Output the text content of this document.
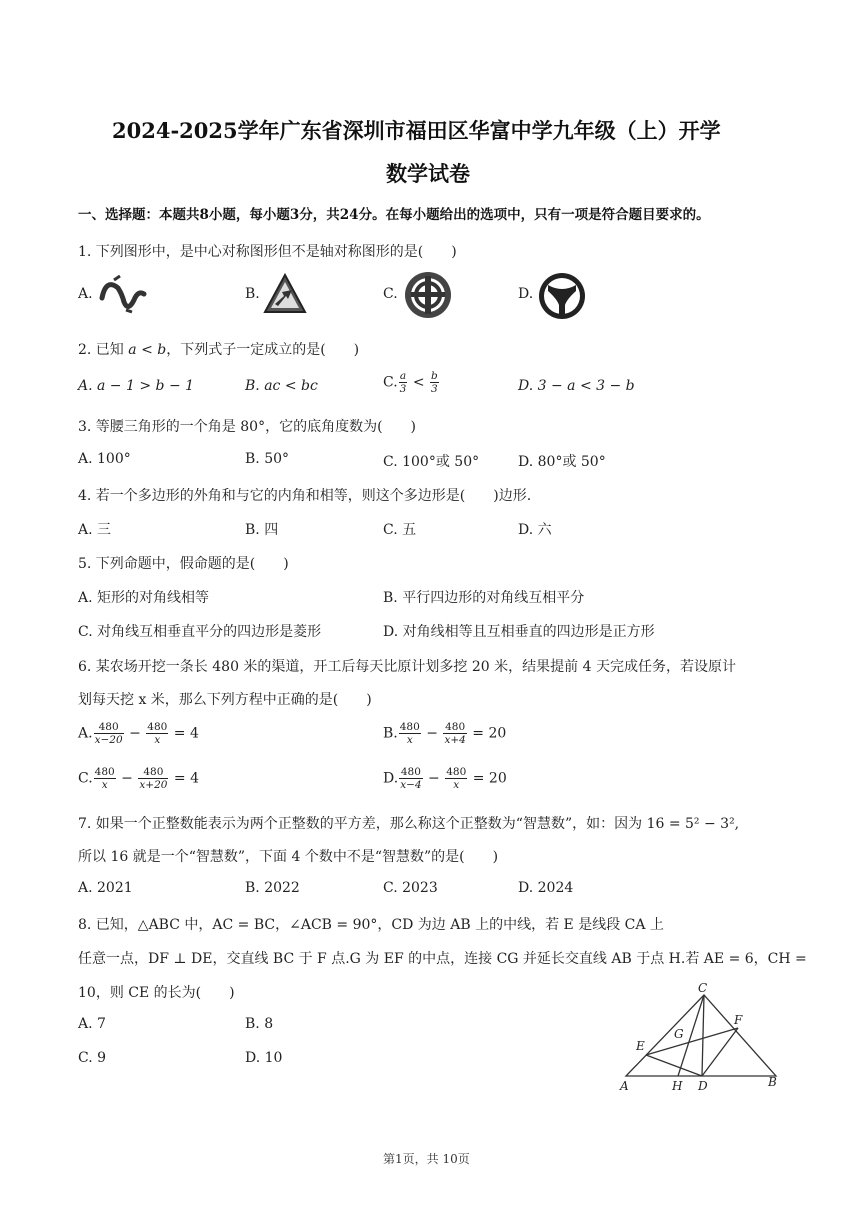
2024-2025学年广东省深圳市福田区华富中学九年级（上）开学
数学试卷
一、选择题：本题共8小题，每小题3分，共24分。在每小题给出的选项中，只有一项是符合题目要求的。
1. 下列图形中，是中心对称图形但不是轴对称图形的是(　　)
A.	B.	C.	D.
2. 已知 a < b，下列式子一定成立的是(　　)
A. a − 1 > b − 1	B. ac < bc	C. $\frac{a}{3} < \frac{b}{3}$	D. 3 − a < 3 − b
3. 等腰三角形的一个角是 80°，它的底角度数为(　　)
A. 100°	B. 50°	C. 100°或 50°	D. 80°或 50°
4. 若一个多边形的外角和与它的内角和相等，则这个多边形是(　　)边形.
A. 三	B. 四	C. 五	D. 六
5. 下列命题中，假命题的是(　　)
A. 矩形的对角线相等	B. 平行四边形的对角线互相平分
C. 对角线互相垂直平分的四边形是菱形	D. 对角线相等且互相垂直的四边形是正方形
6. 某农场开挖一条长 480 米的渠道，开工后每天比原计划多挖 20 米，结果提前 4 天完成任务，若设原计
划每天挖 x 米，那么下列方程中正确的是(　　)
A. $\frac{480}{x-20} - \frac{480}{x} = 4$	B. $\frac{480}{x} - \frac{480}{x+4} = 20$
C. $\frac{480}{x} - \frac{480}{x+20} = 4$	D. $\frac{480}{x-4} - \frac{480}{x} = 20$
7. 如果一个正整数能表示为两个正整数的平方差，那么称这个正整数为“智慧数”，如：因为 16 = 5² − 3²,
所以 16 就是一个“智慧数”，下面 4 个数中不是“智慧数”的是(　　)
A. 2021	B. 2022	C. 2023	D. 2024
8. 已知，△ABC 中，AC = BC，∠ACB = 90°，CD 为边 AB 上的中线，若 E 是线段 CA 上
任意一点，DF ⊥ DE，交直线 BC 于 F 点.G 为 EF 的中点，连接 CG 并延长交直线 AB 于点 H.若 AE = 6，CH =
10，则 CE 的长为(　　)
A. 7	B. 8
C. 9	D. 10
C
F
G
E
A	H D	B
第1页，共 10页
